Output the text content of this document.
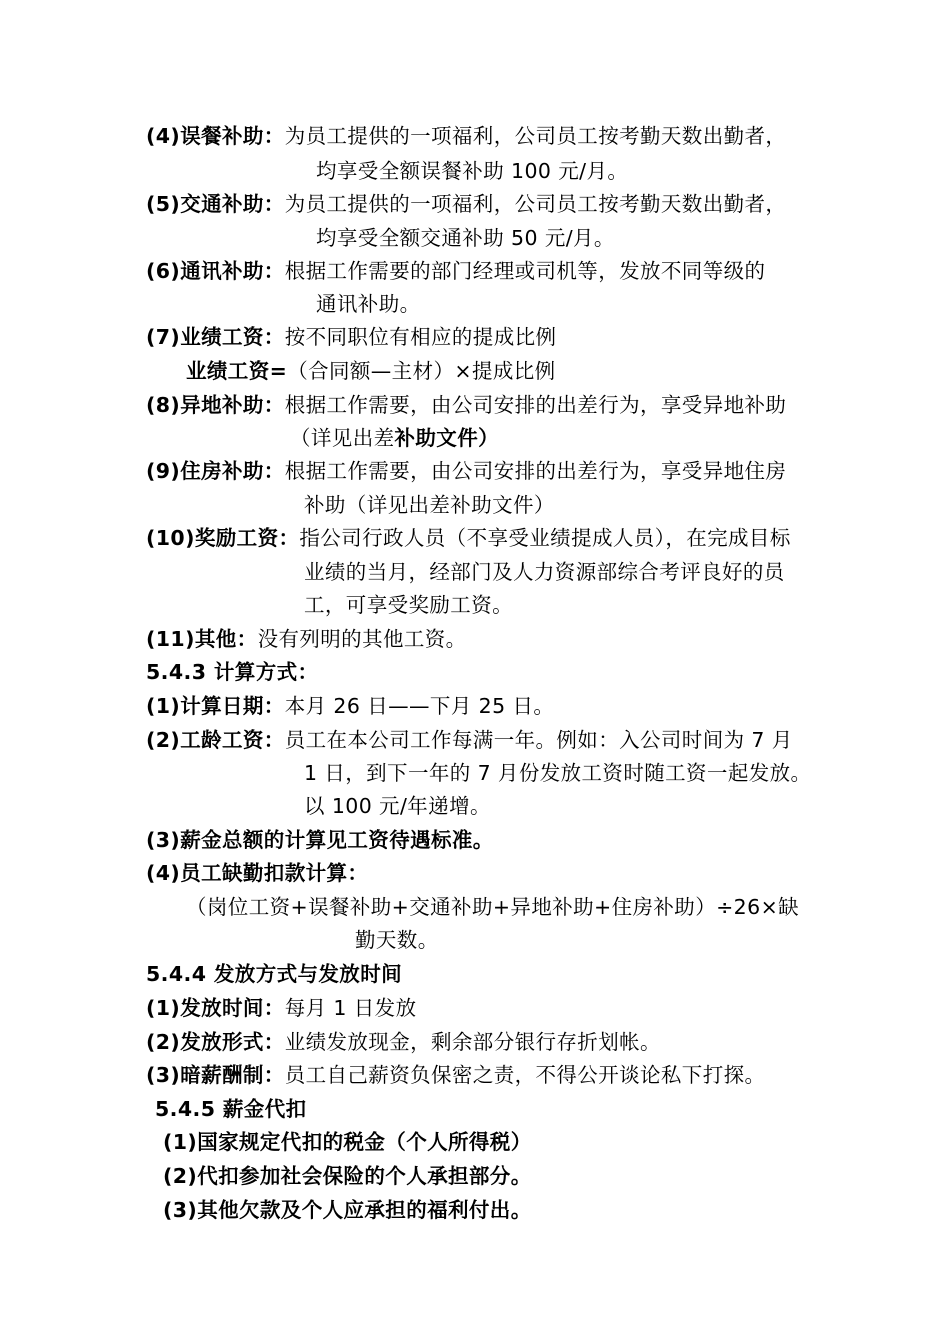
(4)误餐补助：为员工提供的一项福利，公司员工按考勤天数出勤者，
均享受全额误餐补助 100 元/月。
(5)交通补助：为员工提供的一项福利，公司员工按考勤天数出勤者，
均享受全额交通补助 50 元/月。
(6)通讯补助：根据工作需要的部门经理或司机等，发放不同等级的
通讯补助。
(7)业绩工资：按不同职位有相应的提成比例
业绩工资=（合同额—主材）×提成比例
(8)异地补助：根据工作需要，由公司安排的出差行为，享受异地补助
（详见出差补助文件）
(9)住房补助：根据工作需要，由公司安排的出差行为，享受异地住房
补助（详见出差补助文件）
(10)奖励工资：指公司行政人员（不享受业绩提成人员），在完成目标
业绩的当月，经部门及人力资源部综合考评良好的员
工，可享受奖励工资。
(11)其他：没有列明的其他工资。
5.4.3 计算方式：
(1)计算日期：本月 26 日——下月 25 日。
(2)工龄工资：员工在本公司工作每满一年。例如：入公司时间为 7 月
1 日，到下一年的 7 月份发放工资时随工资一起发放。
以 100 元/年递增。
(3)薪金总额的计算见工资待遇标准。
(4)员工缺勤扣款计算：
（岗位工资+误餐补助+交通补助+异地补助+住房补助）÷26×缺
勤天数。
5.4.4 发放方式与发放时间
(1)发放时间：每月 1 日发放
(2)发放形式：业绩发放现金，剩余部分银行存折划帐。
(3)暗薪酬制：员工自己薪资负保密之责，不得公开谈论私下打探。
5.4.5 薪金代扣
(1)国家规定代扣的税金（个人所得税）
(2)代扣参加社会保险的个人承担部分。
(3)其他欠款及个人应承担的福利付出。
